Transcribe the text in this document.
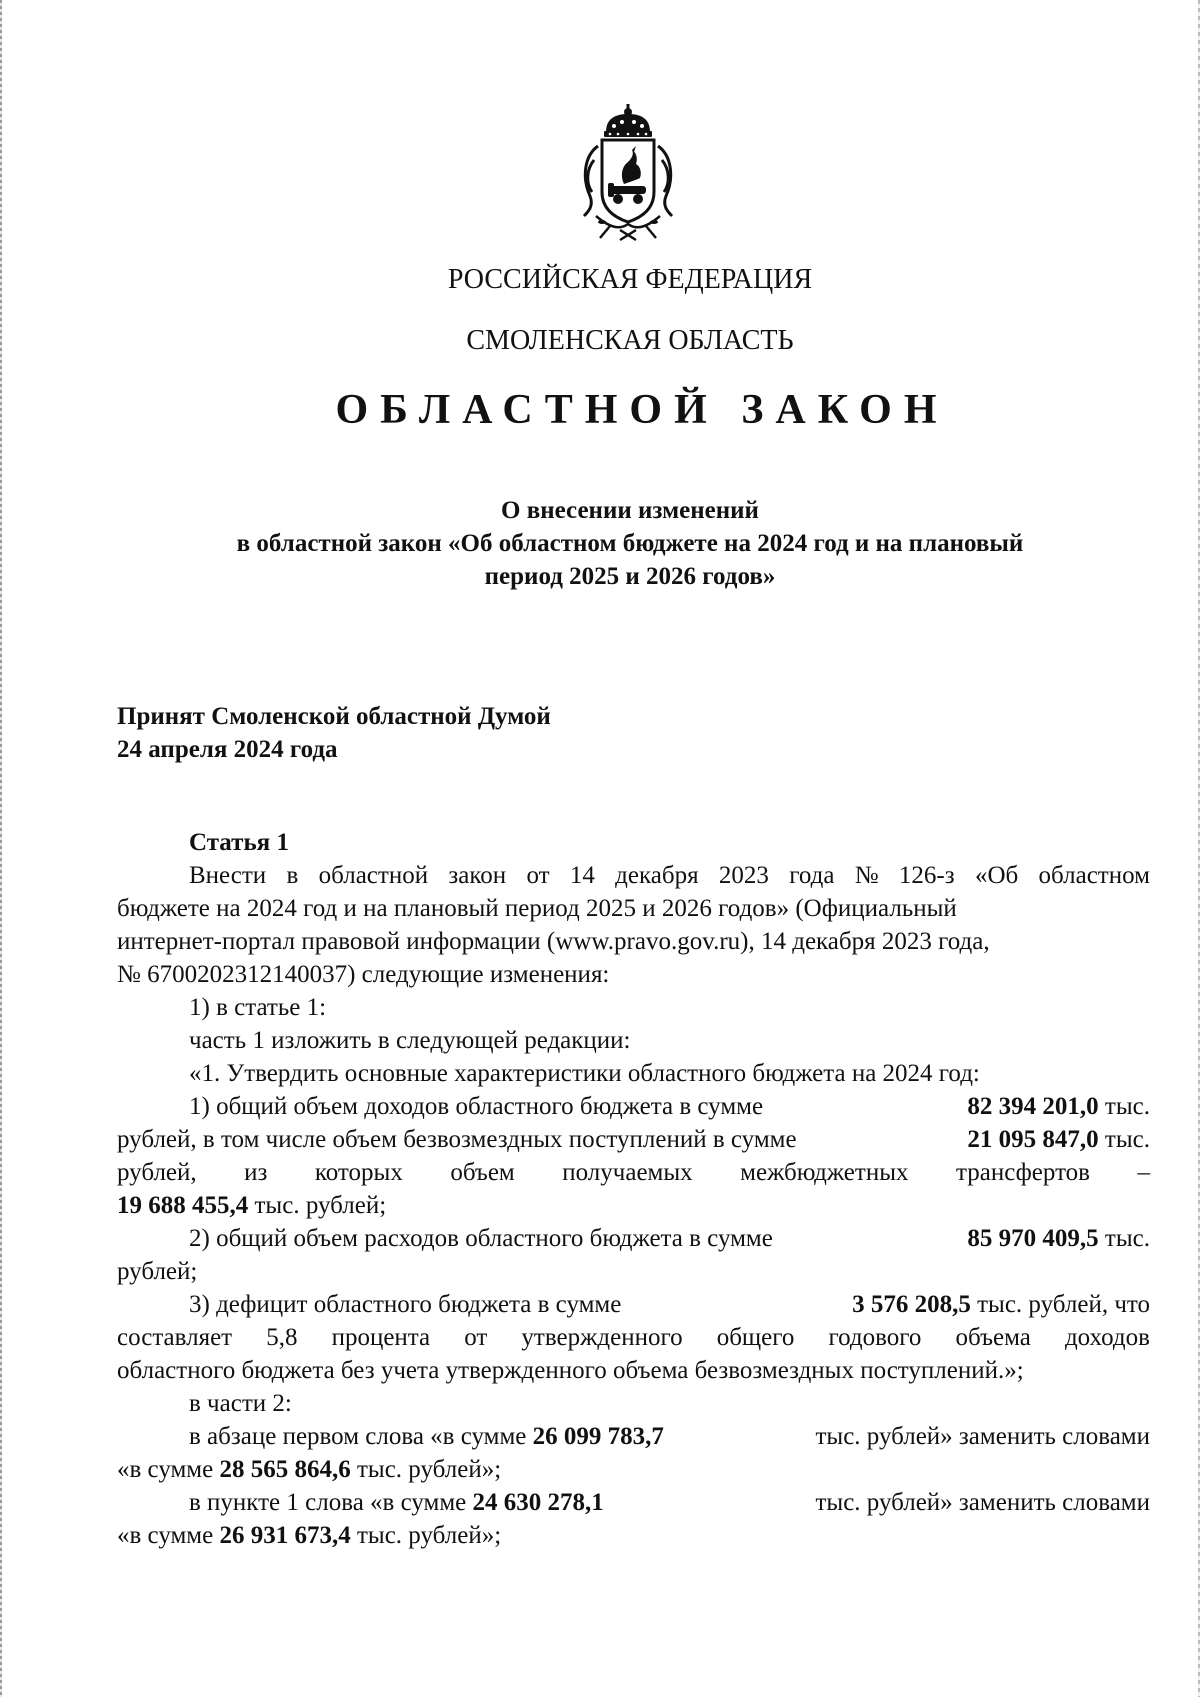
РОССИЙСКАЯ ФЕДЕРАЦИЯ
СМОЛЕНСКАЯ ОБЛАСТЬ
ОБЛАСТНОЙ ЗАКОН
О внесении изменений
в областной закон «Об областном бюджете на 2024 год и на плановый
период 2025 и 2026 годов»
Принят Смоленской областной Думой
24 апреля 2024 года
Статья 1
Внести в областной закон от 14 декабря 2023 года № 126-з «Об областном
бюджете на 2024 год и на плановый период 2025 и 2026 годов» (Официальный
интернет-портал правовой информации (www.pravo.gov.ru), 14 декабря 2023 года,
№ 6700202312140037) следующие изменения:
1) в статье 1:
часть 1 изложить в следующей редакции:
«1. Утвердить основные характеристики областного бюджета на 2024 год:
1) общий объем доходов областного бюджета в сумме	82 394 201,0 тыс.
рублей, в том числе объем безвозмездных поступлений в сумме	21 095 847,0 тыс.
рублей, из которых объем получаемых межбюджетных трансфертов –
19 688 455,4 тыс. рублей;
2) общий объем расходов областного бюджета в сумме	85 970 409,5 тыс.
рублей;
3) дефицит областного бюджета в сумме	3 576 208,5 тыс. рублей, что
составляет 5,8 процента от утвержденного общего годового объема доходов
областного бюджета без учета утвержденного объема безвозмездных поступлений.»;
в части 2:
в абзаце первом слова «в сумме 26 099 783,7	тыс. рублей» заменить словами
«в сумме 28 565 864,6 тыс. рублей»;
в пункте 1 слова «в сумме 24 630 278,1	тыс. рублей» заменить словами
«в сумме 26 931 673,4 тыс. рублей»;
